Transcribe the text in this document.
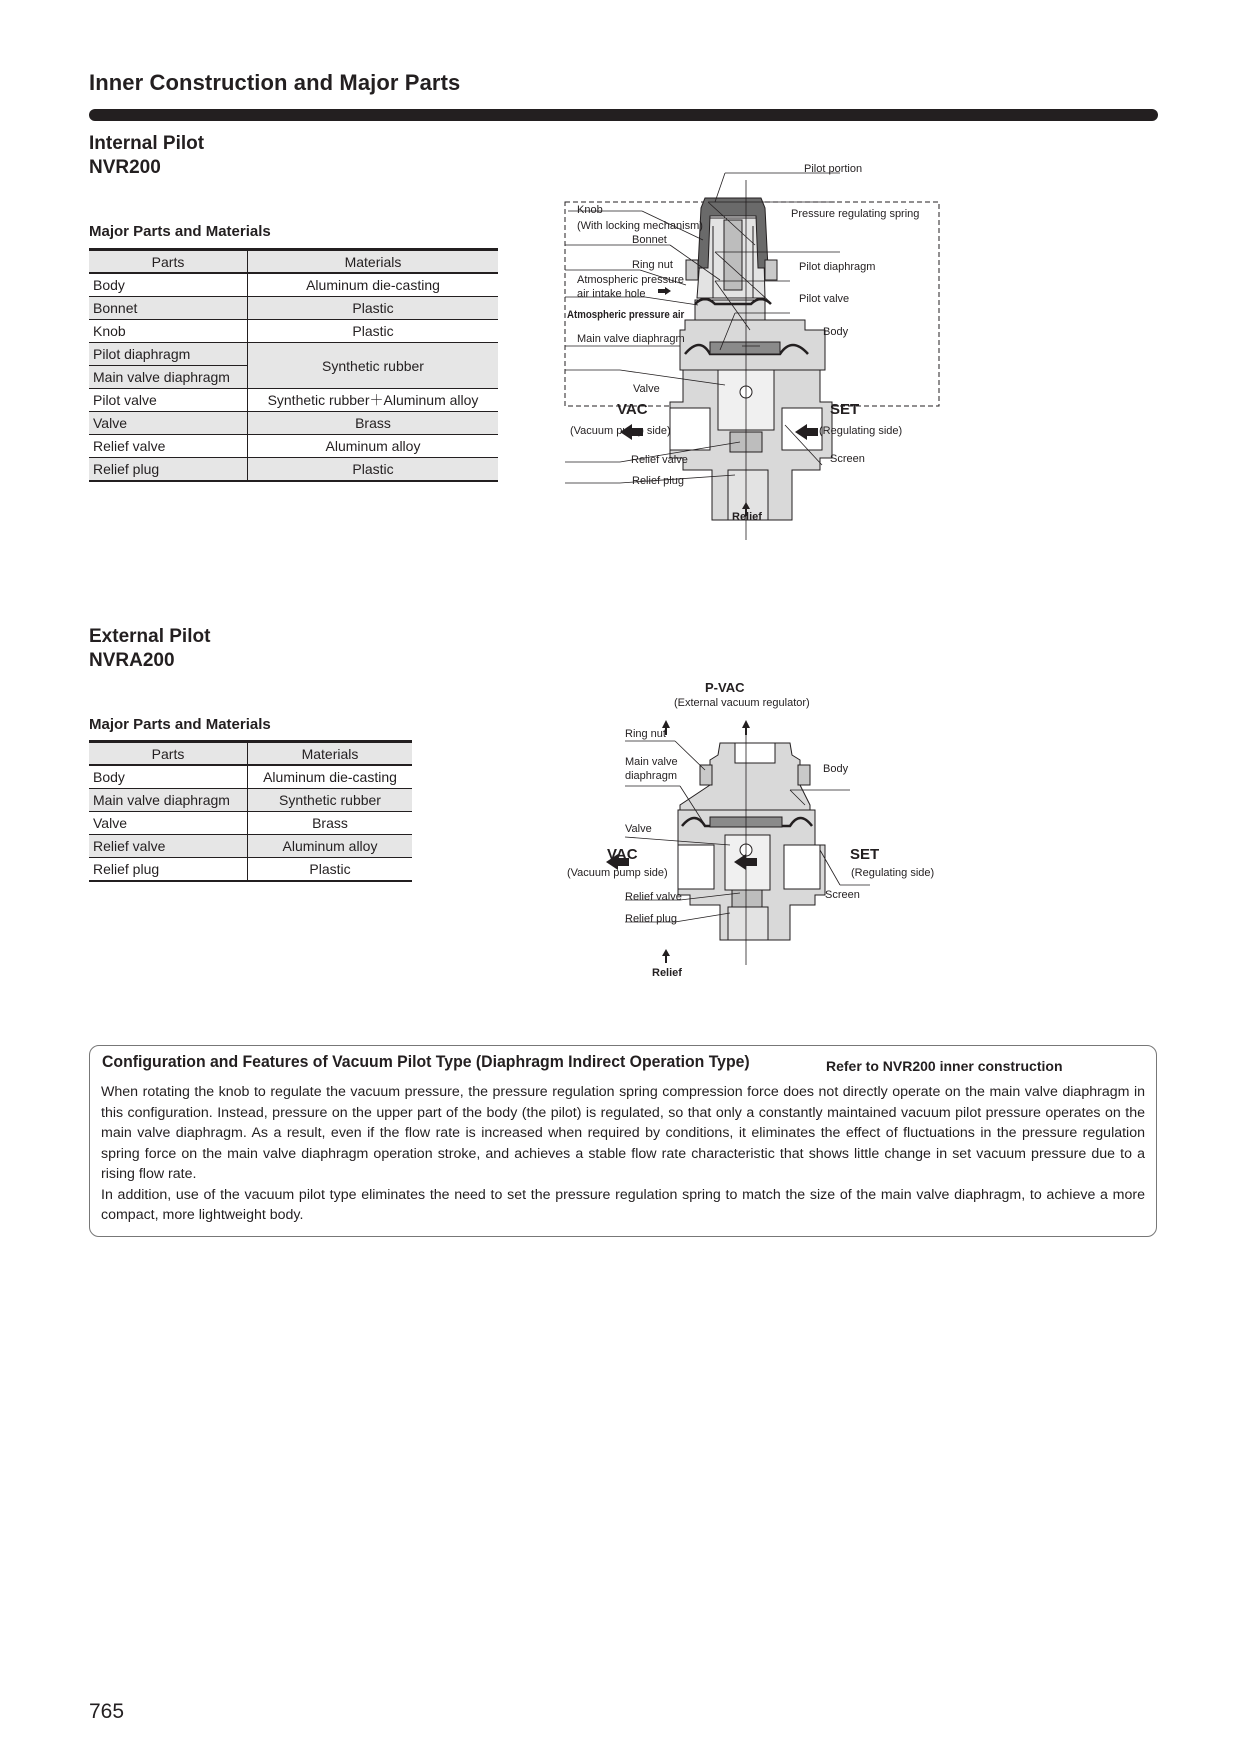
Inner Construction and Major Parts
Internal Pilot
NVR200
Major Parts and Materials
Parts	Materials
Body	Aluminum die-casting
Bonnet	Plastic
Knob	Plastic
Pilot diaphragm	Synthetic rubber
Main valve diaphragm	
Pilot valve	Synthetic rubber＋Aluminum alloy
Valve	Brass
Relief valve	Aluminum alloy
Relief plug	Plastic
Pilot portion
Knob
(With locking mechanism)
Pressure regulating spring
Bonnet
Ring nut	Pilot diaphragm
Atmospheric pressure
air intake hole	Pilot valve
Atmospheric pressure air
Body
Main valve diaphragm
Valve
VAC
(Vacuum pump side)
SET
(Regulating side)
Relief valve	Screen
Relief plug
Relief
External Pilot
NVRA200
Major Parts and Materials
Parts	Materials
Body	Aluminum die-casting
Main valve diaphragm	Synthetic rubber
Valve	Brass
Relief valve	Aluminum alloy
Relief plug	Plastic
P-VAC
(External vacuum regulator)
Ring nut
Main valve
diaphragm
Body
Valve
VAC
(Vacuum pump side)
SET
(Regulating side)
Screen
Relief valve
Relief plug
Relief
Configuration and Features of Vacuum Pilot Type (Diaphragm Indirect Operation Type)	Refer to NVR200 inner construction

When rotating the knob to regulate the vacuum pressure, the pressure regulation spring compression force does not directly operate on the main valve diaphragm in this configuration. Instead, pressure on the upper part of the body (the pilot) is regulated, so that only a constantly maintained vacuum pilot pressure operates on the main valve diaphragm. As a result, even if the flow rate is increased when required by conditions, it eliminates the effect of fluctuations in the pressure regulation spring force on the main valve diaphragm operation stroke, and achieves a stable flow rate characteristic that shows little change in set vacuum pressure due to a rising flow rate.

In addition, use of the vacuum pilot type eliminates the need to set the pressure regulation spring to match the size of the main valve diaphragm, to achieve a more compact, more lightweight body.

765
